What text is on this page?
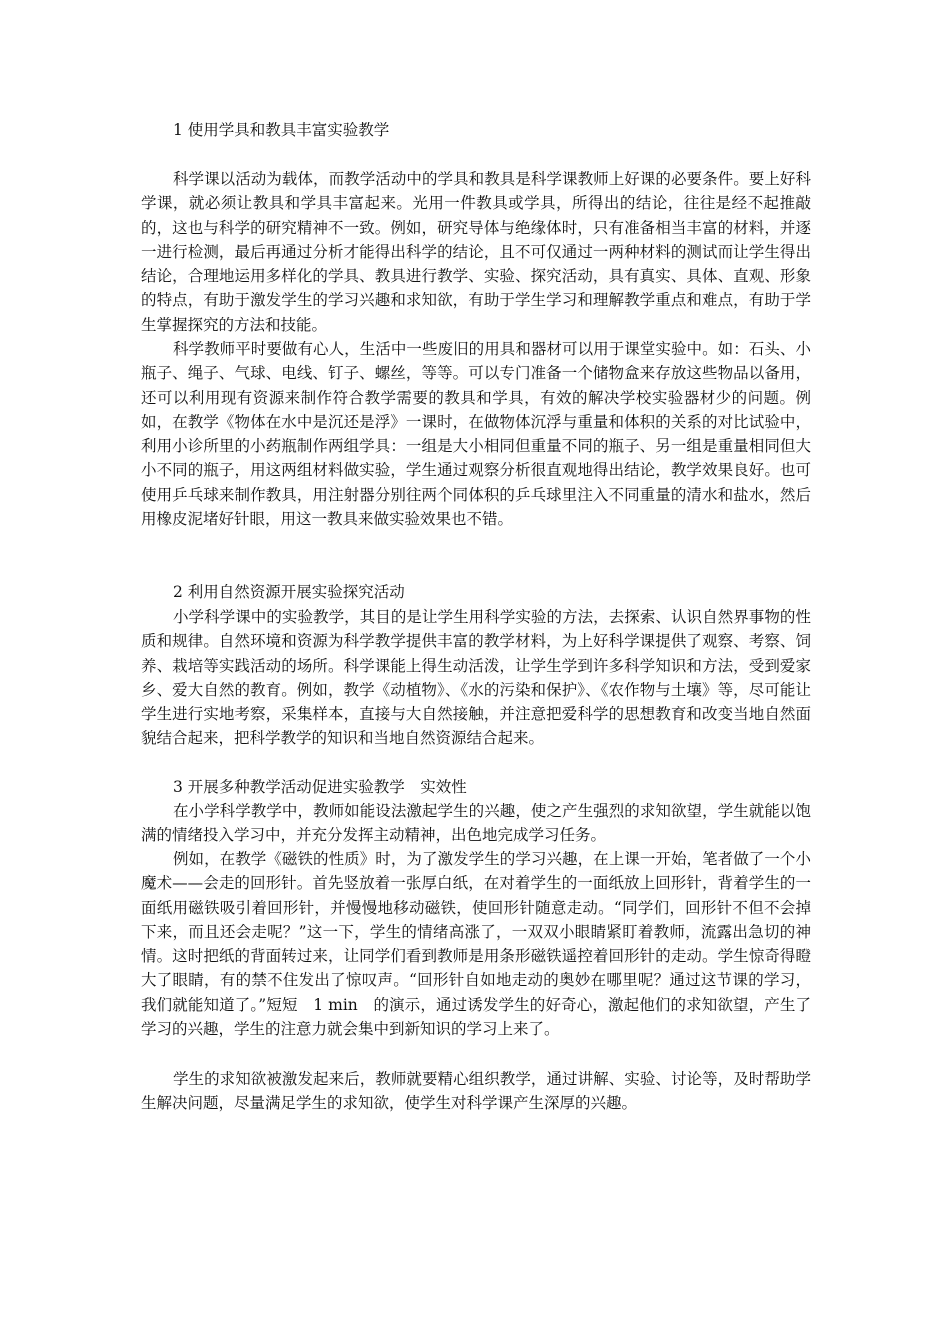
1 使用学具和教具丰富实验教学

科学课以活动为载体，而教学活动中的学具和教具是科学课教师上好课的必要条件。要上好科学课，就必须让教具和学具丰富起来。光用一件教具或学具，所得出的结论，往往是经不起推敲的，这也与科学的研究精神不一致。例如，研究导体与绝缘体时，只有准备相当丰富的材料，并逐一进行检测，最后再通过分析才能得出科学的结论，且不可仅通过一两种材料的测试而让学生得出结论，合理地运用多样化的学具、教具进行教学、实验、探究活动，具有真实、具体、直观、形象的特点，有助于激发学生的学习兴趣和求知欲，有助于学生学习和理解教学重点和难点，有助于学生掌握探究的方法和技能。

科学教师平时要做有心人，生活中一些废旧的用具和器材可以用于课堂实验中。如：石头、小瓶子、绳子、气球、电线、钉子、螺丝，等等。可以专门准备一个储物盒来存放这些物品以备用，还可以利用现有资源来制作符合教学需要的教具和学具，有效的解决学校实验器材少的问题。例如，在教学《物体在水中是沉还是浮》一课时，在做物体沉浮与重量和体积的关系的对比试验中，利用小诊所里的小药瓶制作两组学具：一组是大小相同但重量不同的瓶子、另一组是重量相同但大小不同的瓶子，用这两组材料做实验，学生通过观察分析很直观地得出结论，教学效果良好。也可使用乒乓球来制作教具，用注射器分别往两个同体积的乒乓球里注入不同重量的清水和盐水，然后用橡皮泥堵好针眼，用这一教具来做实验效果也不错。

2 利用自然资源开展实验探究活动

小学科学课中的实验教学，其目的是让学生用科学实验的方法，去探索、认识自然界事物的性质和规律。自然环境和资源为科学教学提供丰富的教学材料，为上好科学课提供了观察、考察、饲养、栽培等实践活动的场所。科学课能上得生动活泼，让学生学到许多科学知识和方法，受到爱家乡、爱大自然的教育。例如，教学《动植物》、《水的污染和保护》、《农作物与土壤》等，尽可能让学生进行实地考察，采集样本，直接与大自然接触，并注意把爱科学的思想教育和改变当地自然面貌结合起来，把科学教学的知识和当地自然资源结合起来。

3 开展多种教学活动促进实验教学　实效性

在小学科学教学中，教师如能设法激起学生的兴趣，使之产生强烈的求知欲望，学生就能以饱满的情绪投入学习中，并充分发挥主动精神，出色地完成学习任务。

例如，在教学《磁铁的性质》时，为了激发学生的学习兴趣，在上课一开始，笔者做了一个小魔术——会走的回形针。首先竖放着一张厚白纸，在对着学生的一面纸放上回形针，背着学生的一面纸用磁铁吸引着回形针，并慢慢地移动磁铁，使回形针随意走动。“同学们，回形针不但不会掉下来，而且还会走呢？”这一下，学生的情绪高涨了，一双双小眼睛紧盯着教师，流露出急切的神情。这时把纸的背面转过来，让同学们看到教师是用条形磁铁遥控着回形针的走动。学生惊奇得瞪大了眼睛，有的禁不住发出了惊叹声。“回形针自如地走动的奥妙在哪里呢？通过这节课的学习，我们就能知道了。”短短　1 min　的演示，通过诱发学生的好奇心，激起他们的求知欲望，产生了学习的兴趣，学生的注意力就会集中到新知识的学习上来了。

学生的求知欲被激发起来后，教师就要精心组织教学，通过讲解、实验、讨论等，及时帮助学生解决问题，尽量满足学生的求知欲，使学生对科学课产生深厚的兴趣。
